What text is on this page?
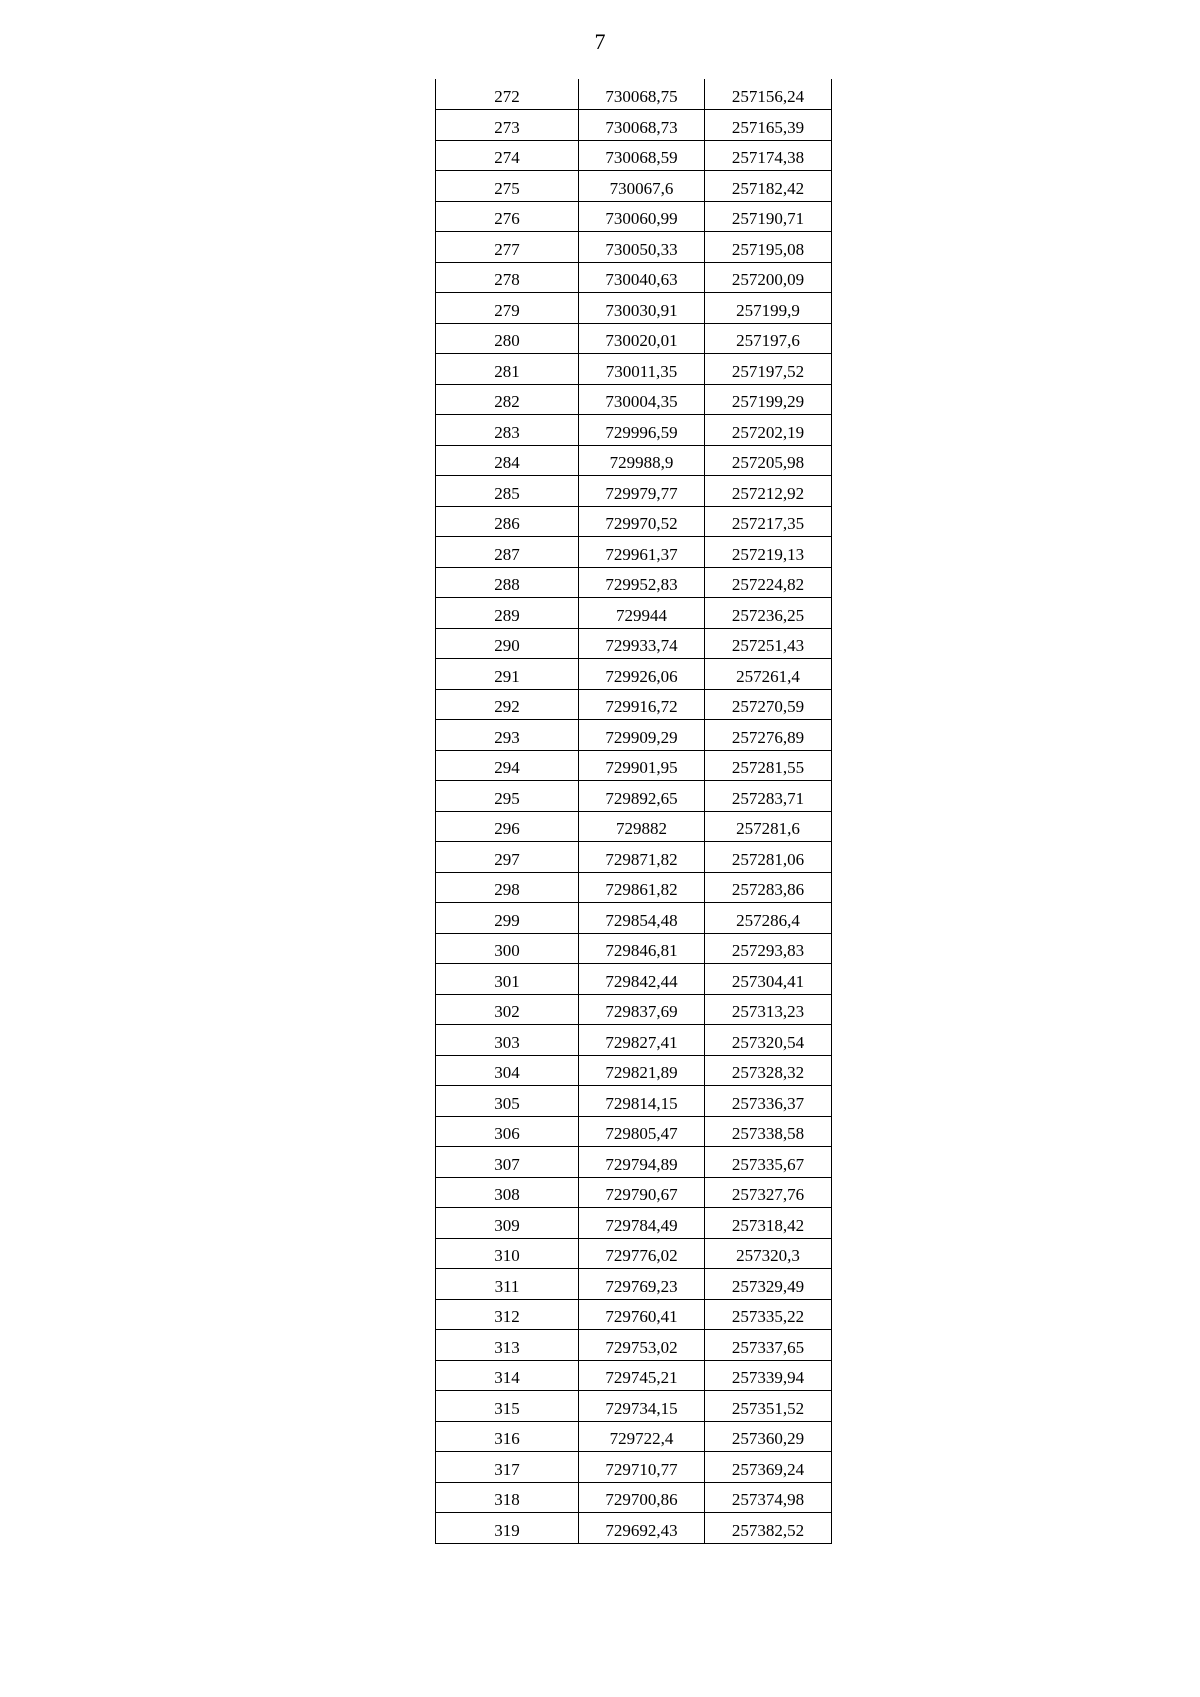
7
272	730068,75	257156,24
273	730068,73	257165,39
274	730068,59	257174,38
275	730067,6	257182,42
276	730060,99	257190,71
277	730050,33	257195,08
278	730040,63	257200,09
279	730030,91	257199,9
280	730020,01	257197,6
281	730011,35	257197,52
282	730004,35	257199,29
283	729996,59	257202,19
284	729988,9	257205,98
285	729979,77	257212,92
286	729970,52	257217,35
287	729961,37	257219,13
288	729952,83	257224,82
289	729944	257236,25
290	729933,74	257251,43
291	729926,06	257261,4
292	729916,72	257270,59
293	729909,29	257276,89
294	729901,95	257281,55
295	729892,65	257283,71
296	729882	257281,6
297	729871,82	257281,06
298	729861,82	257283,86
299	729854,48	257286,4
300	729846,81	257293,83
301	729842,44	257304,41
302	729837,69	257313,23
303	729827,41	257320,54
304	729821,89	257328,32
305	729814,15	257336,37
306	729805,47	257338,58
307	729794,89	257335,67
308	729790,67	257327,76
309	729784,49	257318,42
310	729776,02	257320,3
311	729769,23	257329,49
312	729760,41	257335,22
313	729753,02	257337,65
314	729745,21	257339,94
315	729734,15	257351,52
316	729722,4	257360,29
317	729710,77	257369,24
318	729700,86	257374,98
319	729692,43	257382,52
